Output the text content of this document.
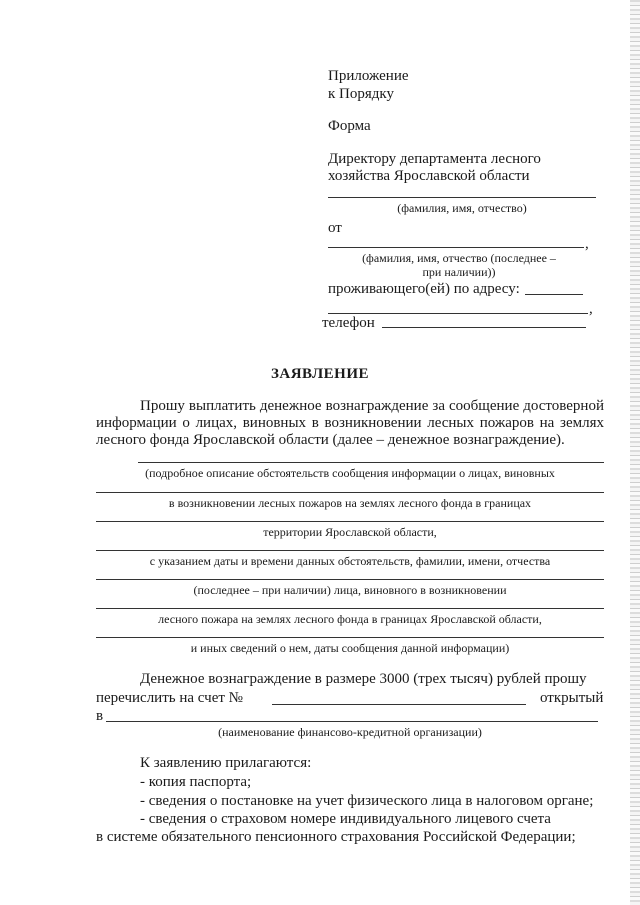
Приложение
к Порядку
Форма
Директору департамента лесного
хозяйства Ярославской области
(фамилия, имя, отчество)
от
,
(фамилия, имя, отчество (последнее –
при наличии))
проживающего(ей) по адресу:
,
телефон
ЗАЯВЛЕНИЕ
Прошу выплатить денежное вознаграждение за сообщение достоверной информации о лицах, виновных в возникновении лесных пожаров на землях лесного фонда Ярославской области (далее – денежное вознаграждение).
(подробное описание обстоятельств сообщения информации о лицах, виновных
в возникновении лесных пожаров на землях лесного фонда в границах
территории Ярославской области,
с указанием даты и времени данных обстоятельств, фамилии, имени, отчества
(последнее – при наличии) лица, виновного в возникновении
лесного пожара на землях лесного фонда в границах Ярославской области,
и иных сведений о нем, даты сообщения данной информации)
Денежное вознаграждение в размере 3000 (трех тысяч) рублей прошу
перечислить на счет №	открытый
в
(наименование финансово-кредитной организации)
К заявлению прилагаются:
- копия паспорта;
- сведения о постановке на учет физического лица в налоговом органе;
- сведения о страховом номере индивидуального лицевого счета
в системе обязательного пенсионного страхования Российской Федерации;
